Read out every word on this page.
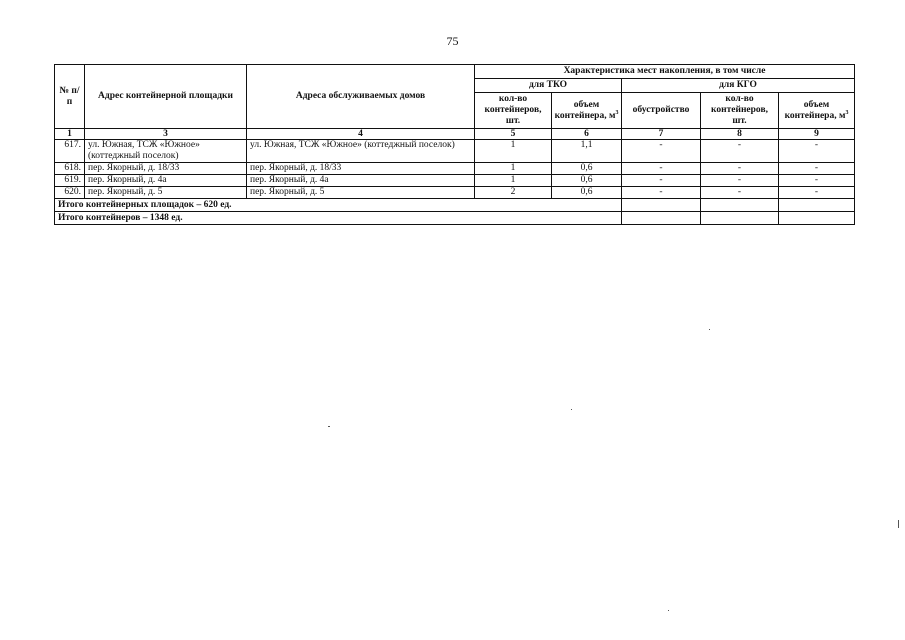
75
№ п/п	Адрес контейнерной площадки	Адреса обслуживаемых домов	Характеристика мест накопления, в том числе				
			для ТКО		для КГО		
			кол-во контейнеров, шт.	объем контейнера, $м^3$	обустройство	кол-во контейнеров, шт.	объем контейнера, $м^3$
1	3	4	5	6	7	8	9
617.	ул. Южная, ТСЖ «Южное» (коттеджный поселок)	ул. Южная, ТСЖ «Южное» (коттеджный поселок)	1	1,1	-	-	-
618.	пер. Якорный, д. 18/33	пер. Якорный, д. 18/33	1	0,6	-	-	-
619.	пер. Якорный, д. 4а	пер. Якорный, д. 4а	1	0,6	-	-	-
620.	пер. Якорный, д. 5	пер. Якорный, д. 5	2	0,6	-	-	-
Итого контейнерных площадок – 620 ед.							
Итого контейнеров – 1348 ед.							
